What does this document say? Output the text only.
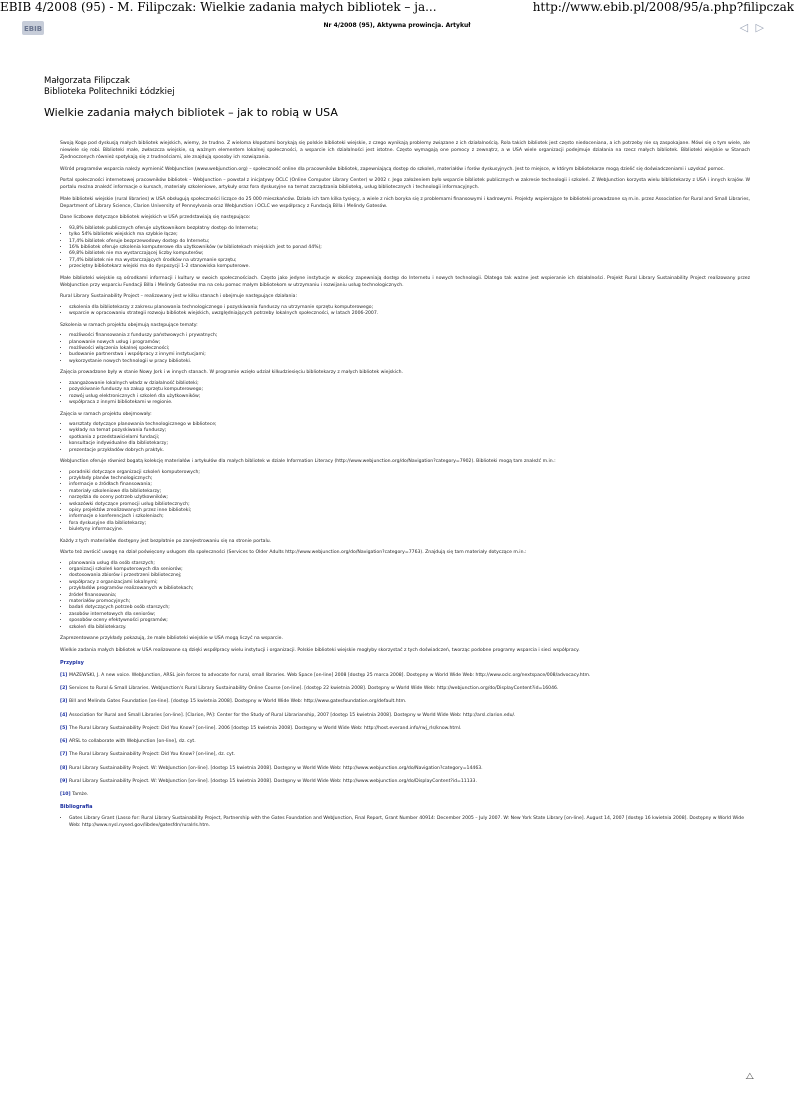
EBIB 4/2008 (95) - M. Filipczak: Wielkie zadania małych bibliotek – ja...	http://www.ebib.pl/2008/95/a.php?filipczak
EBIB	Nr 4/2008 (95), Aktywna prowincja. Artykuł	◁ ▷
Małgorzata Filipczak
Biblioteka Politechniki Łódzkiej
Wielkie zadania małych bibliotek – jak to robią w USA

Swoją Kogo pod dyskusją małych bibliotek wiejskich, wiemy, że trudno. Z wieloma kłopotami borykają się polskie biblioteki wiejskie, z czego wynikają problemy związane z ich działalnością. Rola takich bibliotek jest często niedoceniana, a ich potrzeby nie są zaspokajane. Mówi się o tym wiele, ale niewiele się robi. Biblioteki małe, zwłaszcza wiejskie, są ważnym elementem lokalnej społeczności, a wsparcie ich działalności jest istotne. Często wymagają one pomocy z zewnątrz, a w USA wiele organizacji podejmuje działania na rzecz małych bibliotek. Biblioteki wiejskie w Stanach Zjednoczonych również spotykają się z trudnościami, ale znajdują sposoby ich rozwiązania.

Wśród programów wsparcia należy wymienić WebJunction (www.webjunction.org) – społeczność online dla pracowników bibliotek, zapewniającą dostęp do szkoleń, materiałów i forów dyskusyjnych. Jest to miejsce, w którym bibliotekarze mogą dzielić się doświadczeniami i uzyskać pomoc.

Portal społeczności internetowej pracowników bibliotek – WebJunction – powstał z inicjatywy OCLC (Online Computer Library Center) w 2002 r. Jego założeniem było wsparcie bibliotek publicznych w zakresie technologii i szkoleń. Z WebJunction korzysta wielu bibliotekarzy z USA i innych krajów. W portalu można znaleźć informacje o kursach, materiały szkoleniowe, artykuły oraz fora dyskusyjne na temat zarządzania biblioteką, usług bibliotecznych i technologii informacyjnych.

Małe biblioteki wiejskie (rural libraries) w USA obsługują społeczności liczące do 25 000 mieszkańców. Działa ich tam kilka tysięcy, a wiele z nich boryka się z problemami finansowymi i kadrowymi. Projekty wspierające te biblioteki prowadzone są m.in. przez Association for Rural and Small Libraries, Department of Library Science, Clarion University of Pennsylvania oraz WebJunction i OCLC we współpracy z Fundacją Billa i Melindy Gatesów.

Dane liczbowe dotyczące bibliotek wiejskich w USA przedstawiają się następująco:

• 93,8% bibliotek publicznych oferuje użytkownikom bezpłatny dostęp do Internetu;
• tylko 54% bibliotek wiejskich ma szybkie łącze;
• 17,4% bibliotek oferuje bezprzewodowy dostęp do Internetu;
• 16% bibliotek oferuje szkolenia komputerowe dla użytkowników (w bibliotekach miejskich jest to ponad 44%);
• 69,8% bibliotek nie ma wystarczającej liczby komputerów;
• 77,4% bibliotek nie ma wystarczających środków na utrzymanie sprzętu;
• przeciętny bibliotekarz wiejski ma do dyspozycji 1-2 stanowiska komputerowe.

Małe biblioteki wiejskie są ośrodkami informacji i kultury w swoich społecznościach. Często jako jedyne instytucje w okolicy zapewniają dostęp do Internetu i nowych technologii. Dlatego tak ważne jest wspieranie ich działalności. Projekt Rural Library Sustainability Project realizowany przez WebJunction przy wsparciu Fundacji Billa i Melindy Gatesów ma na celu pomoc małym bibliotekom w utrzymaniu i rozwijaniu usług technologicznych.

Rural Library Sustainability Project – realizowany jest w kilku stanach i obejmuje następujące działania:

• szkolenia dla bibliotekarzy z zakresu planowania technologicznego i pozyskiwania funduszy na utrzymanie sprzętu komputerowego;
• wsparcie w opracowaniu strategii rozwoju bibliotek wiejskich, uwzględniających potrzeby lokalnych społeczności, w latach 2006-2007.

Szkolenia w ramach projektu obejmują następujące tematy:

• możliwości finansowania z funduszy państwowych i prywatnych;
• planowanie nowych usług i programów;
• możliwości włączenia lokalnej społeczności;
• budowanie partnerstwa i współpracy z innymi instytucjami;
• wykorzystanie nowych technologii w pracy biblioteki.

Zajęcia prowadzone były w stanie Nowy Jork i w innych stanach. W programie wzięło udział kilkudziesięciu bibliotekarzy z małych bibliotek wiejskich.

• zaangażowanie lokalnych władz w działalność biblioteki;
• pozyskiwanie funduszy na zakup sprzętu komputerowego;
• rozwój usług elektronicznych i szkoleń dla użytkowników;
• współpraca z innymi bibliotekami w regionie.

Zajęcia w ramach projektu obejmowały:

• warsztaty dotyczące planowania technologicznego w bibliotece;
• wykłady na temat pozyskiwania funduszy;
• spotkania z przedstawicielami fundacji;
• konsultacje indywidualne dla bibliotekarzy;
• prezentacje przykładów dobrych praktyk.

WebJunction oferuje również bogatą kolekcję materiałów i artykułów dla małych bibliotek w dziale Information Literacy (http://www.webjunction.org/do/Navigation?category=7902). Biblioteki mogą tam znaleźć m.in.:

• poradniki dotyczące organizacji szkoleń komputerowych;
• przykłady planów technologicznych;
• informacje o źródłach finansowania;
• materiały szkoleniowe dla bibliotekarzy;
• narzędzia do oceny potrzeb użytkowników;
• wskazówki dotyczące promocji usług bibliotecznych;
• opisy projektów zrealizowanych przez inne biblioteki;
• informacje o konferencjach i szkoleniach;
• fora dyskusyjne dla bibliotekarzy;
• biuletyny informacyjne.

Każdy z tych materiałów dostępny jest bezpłatnie po zarejestrowaniu się na stronie portalu.

Warto też zwrócić uwagę na dział poświęcony usługom dla społeczności (Services to Older Adults http://www.webjunction.org/do/Navigation?category=7763). Znajdują się tam materiały dotyczące m.in.:

• planowania usług dla osób starszych;
• organizacji szkoleń komputerowych dla seniorów;
• dostosowania zbiorów i przestrzeni bibliotecznej;
• współpracy z organizacjami lokalnymi;
• przykładów programów realizowanych w bibliotekach;
• źródeł finansowania;
• materiałów promocyjnych;
• badań dotyczących potrzeb osób starszych;
• zasobów internetowych dla seniorów;
• sposobów oceny efektywności programów;
• szkoleń dla bibliotekarzy.

Zaprezentowane przykłady pokazują, że małe biblioteki wiejskie w USA mogą liczyć na wsparcie.

Wielkie zadania małych bibliotek w USA realizowane są dzięki współpracy wielu instytucji i organizacji. Polskie biblioteki wiejskie mogłyby skorzystać z tych doświadczeń, tworząc podobne programy wsparcia i sieci współpracy.

Przypisy
[1] MAZEWSKI, J. A new voice. WebJunction, ARSL join forces to advocate for rural, small libraries. Web Space [on-line] 2008 [dostęp 25 marca 2008]. Dostępny w World Wide Web: http://www.oclc.org/nextspace/008/advocacy.htm.
[2] Services to Rural & Small Libraries. WebJunction's Rural Library Sustainability Online Course [on-line]. [dostęp 22 kwietnia 2008]. Dostępny w World Wide Web: http://webjunction.org/do/DisplayContent?id=16046.
[3] Bill and Melinda Gates Foundation [on-line]. [dostęp 15 kwietnia 2008]. Dostępny w World Wide Web: http://www.gatesfoundation.org/default.htm.
[4] Association for Rural and Small Libraries [on-line]. [Clarion, PA]: Center for the Study of Rural Librarianship, 2007 [dostęp 15 kwietnia 2008]. Dostępny w World Wide Web: http://arsl.clarion.edu/.
[5] The Rural Library Sustainability Project: Did You Know? [on-line]. 2006 [dostęp 15 kwietnia 2008]. Dostępny w World Wide Web: http://host.everand.info/rwj_rls/know.html.
[6] ARSL to collaborate with WebJunction [on-line], dz. cyt.
[7] The Rural Library Sustainability Project: Did You Know? [on-line], dz. cyt.
[8] Rural Library Sustainability Project. W: WebJunction [on-line]. [dostęp 15 kwietnia 2008]. Dostępny w World Wide Web: http://www.webjunction.org/do/Navigation?category=14463.
[9] Rural Library Sustainability Project. W: WebJunction [on-line]. [dostęp 15 kwietnia 2008]. Dostępny w World Wide Web: http://www.webjunction.org/do/DisplayContent?id=11133.
[10] Tamże.
Bibliografia
• Gates Library Grant (Lasso for: Rural Library Sustainability Project, Partnership with the Gates Foundation and WebJunction, Final Report, Grant Number 40914: December 2005 – July 2007. W: New York State Library [on-line]. August 14, 2007 [dostęp 16 kwietnia 2008]. Dostępny w World Wide Web: http://www.nysl.nysed.gov/libdev/gatesfdn/ruralrls.htm.
⧍
